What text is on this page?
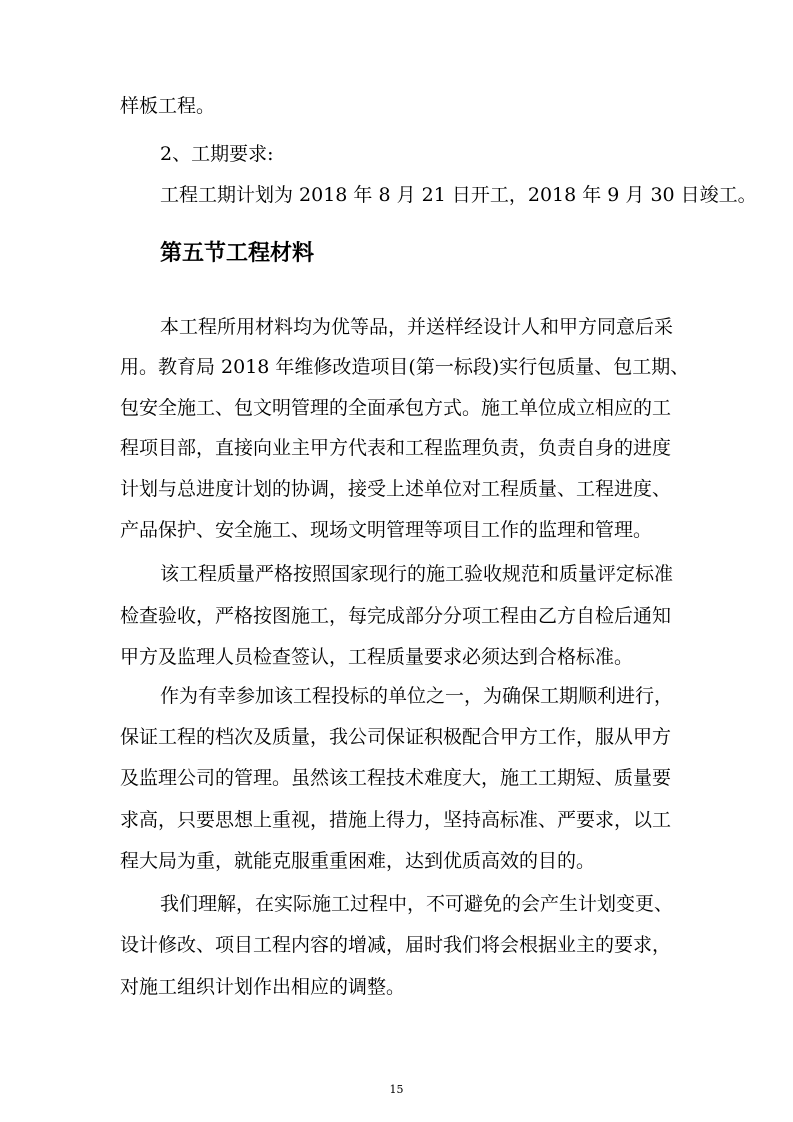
样板工程。
2、工期要求:
工程工期计划为 2018 年 8 月 21 日开工，2018 年 9 月 30 日竣工。
第五节工程材料
本工程所用材料均为优等品，并送样经设计人和甲方同意后采
用。教育局 2018 年维修改造项目(第一标段)实行包质量、包工期、
包安全施工、包文明管理的全面承包方式。施工单位成立相应的工
程项目部，直接向业主甲方代表和工程监理负责，负责自身的进度
计划与总进度计划的协调，接受上述单位对工程质量、工程进度、
产品保护、安全施工、现场文明管理等项目工作的监理和管理。
该工程质量严格按照国家现行的施工验收规范和质量评定标准
检查验收，严格按图施工，每完成部分分项工程由乙方自检后通知
甲方及监理人员检查签认，工程质量要求必须达到合格标准。
作为有幸参加该工程投标的单位之一，为确保工期顺利进行，
保证工程的档次及质量，我公司保证积极配合甲方工作，服从甲方
及监理公司的管理。虽然该工程技术难度大，施工工期短、质量要
求高，只要思想上重视，措施上得力，坚持高标准、严要求，以工
程大局为重，就能克服重重困难，达到优质高效的目的。
我们理解，在实际施工过程中，不可避免的会产生计划变更、
设计修改、项目工程内容的增减，届时我们将会根据业主的要求，
对施工组织计划作出相应的调整。
15
